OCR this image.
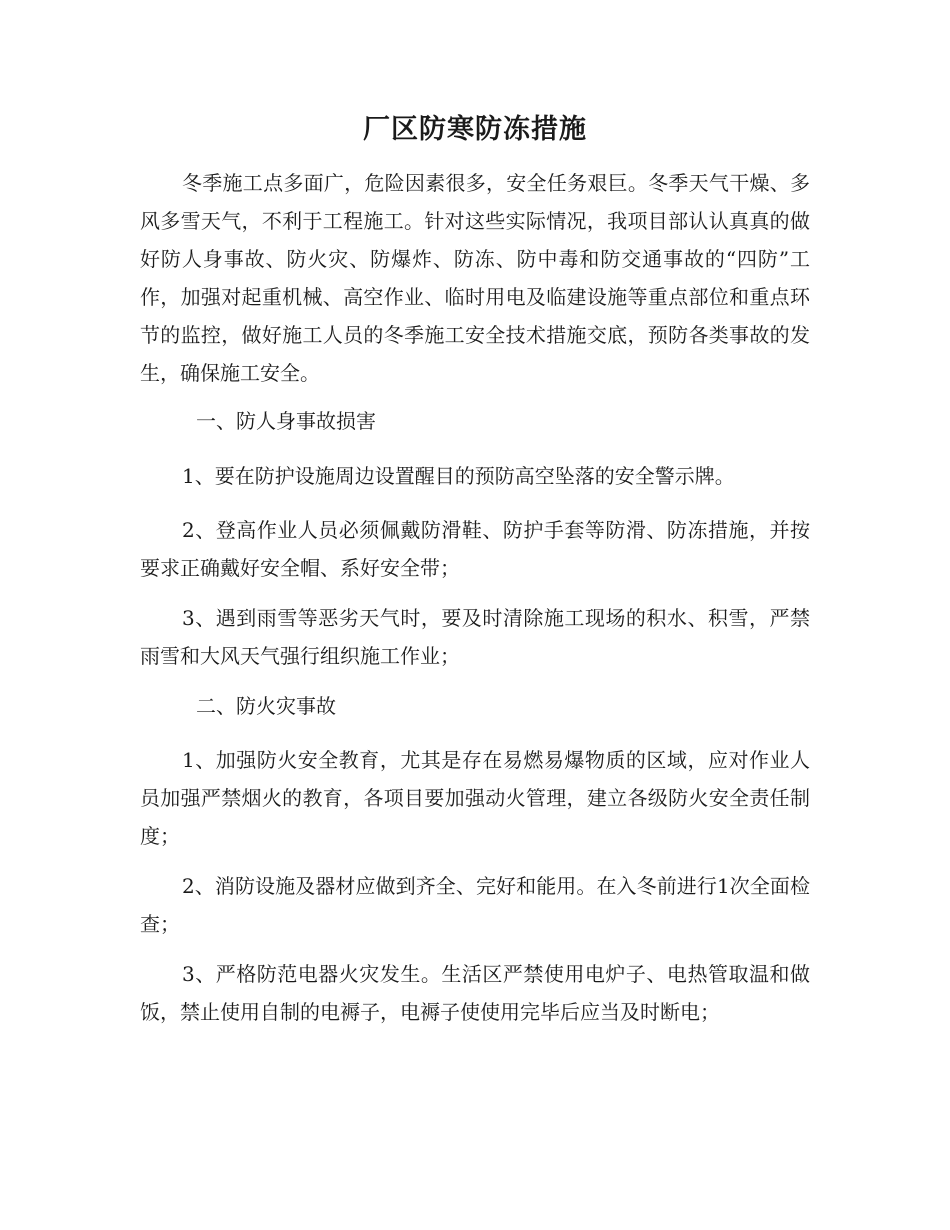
厂区防寒防冻措施

冬季施工点多面广，危险因素很多，安全任务艰巨。冬季天气干燥、多风多雪天气，不利于工程施工。针对这些实际情况，我项目部认认真真的做好防人身事故、防火灾、防爆炸、防冻、防中毒和防交通事故的“四防”工作，加强对起重机械、高空作业、临时用电及临建设施等重点部位和重点环节的监控，做好施工人员的冬季施工安全技术措施交底，预防各类事故的发生，确保施工安全。

一、防人身事故损害

1、要在防护设施周边设置醒目的预防高空坠落的安全警示牌。

2、登高作业人员必须佩戴防滑鞋、防护手套等防滑、防冻措施，并按要求正确戴好安全帽、系好安全带；

3、遇到雨雪等恶劣天气时，要及时清除施工现场的积水、积雪，严禁雨雪和大风天气强行组织施工作业；

二、防火灾事故

1、加强防火安全教育，尤其是存在易燃易爆物质的区域，应对作业人员加强严禁烟火的教育，各项目要加强动火管理，建立各级防火安全责任制度；

2、消防设施及器材应做到齐全、完好和能用。在入冬前进行1次全面检查；

3、严格防范电器火灾发生。生活区严禁使用电炉子、电热管取温和做饭，禁止使用自制的电褥子，电褥子使使用完毕后应当及时断电；
